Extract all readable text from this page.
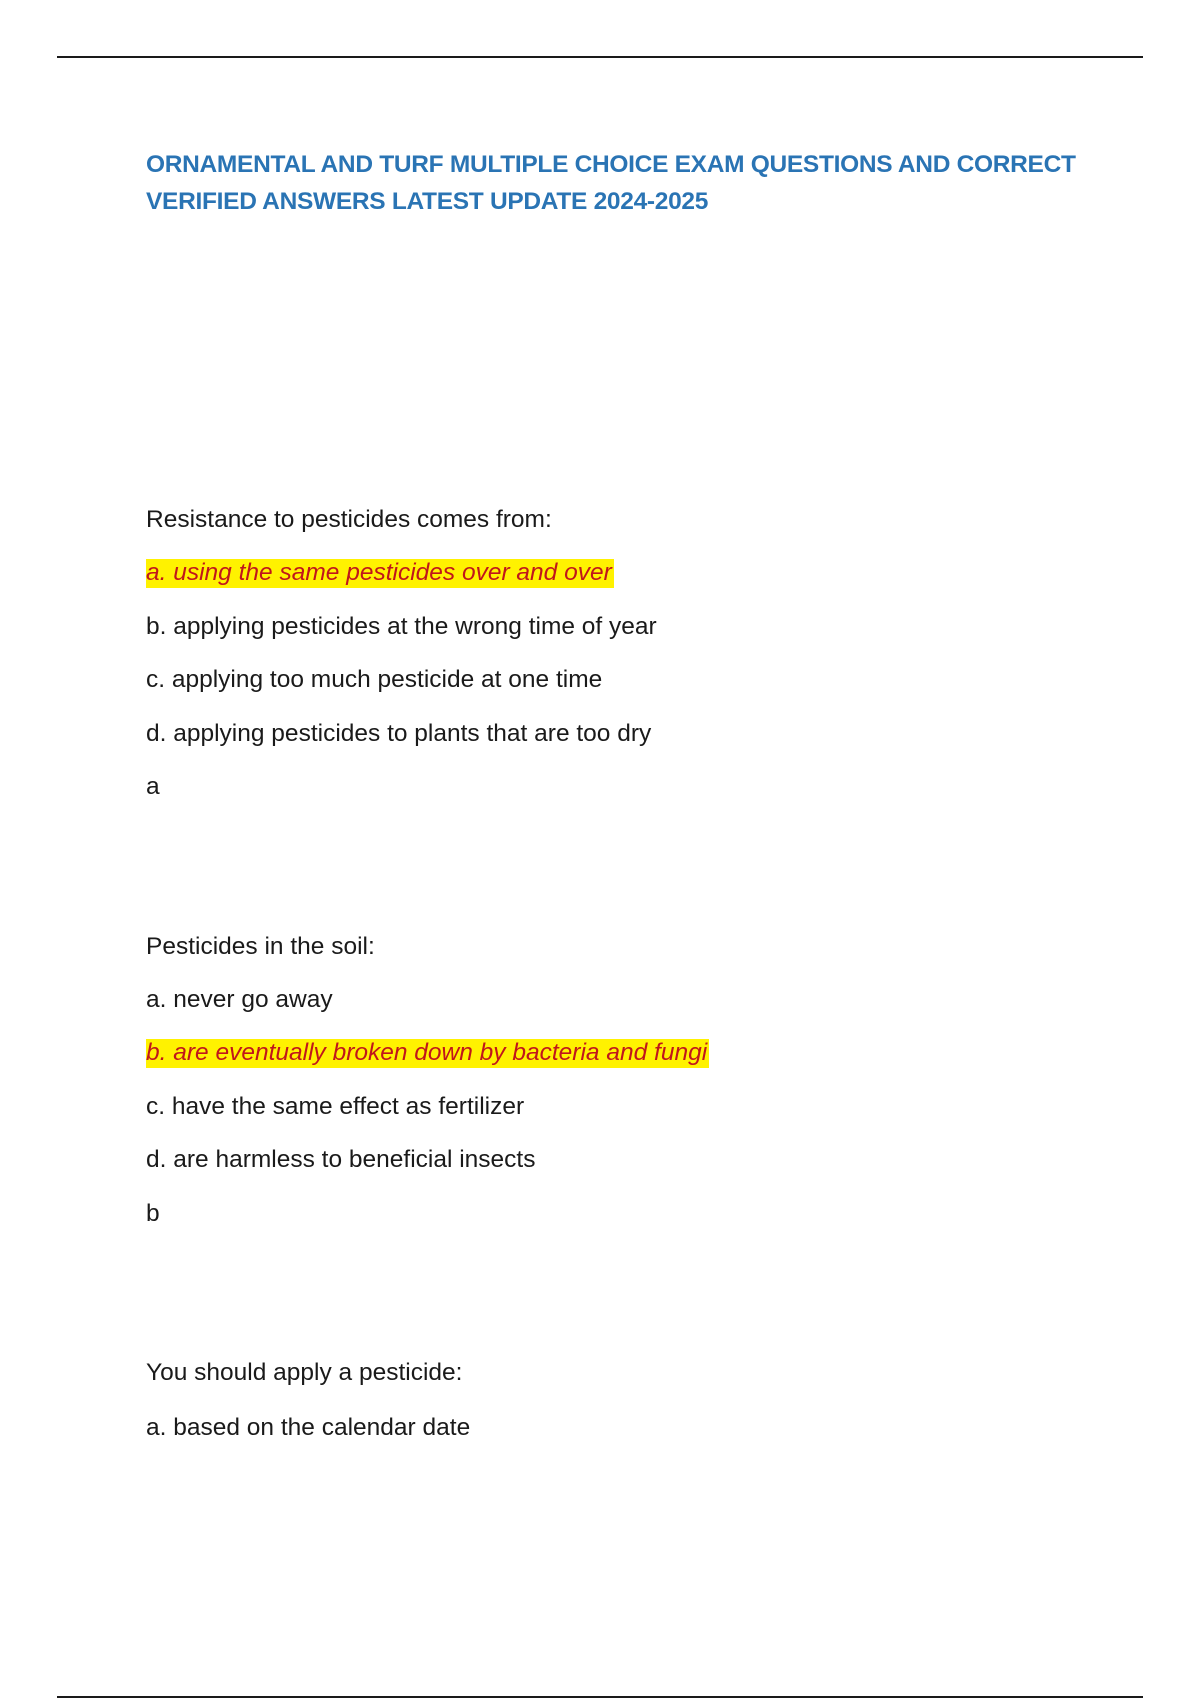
ORNAMENTAL AND TURF MULTIPLE CHOICE EXAM QUESTIONS AND CORRECT VERIFIED ANSWERS LATEST UPDATE 2024-2025
Resistance to pesticides comes from:
a. using the same pesticides over and over
b. applying pesticides at the wrong time of year
c. applying too much pesticide at one time
d. applying pesticides to plants that are too dry
a
Pesticides in the soil:
a. never go away
b. are eventually broken down by bacteria and fungi
c. have the same effect as fertilizer
d. are harmless to beneficial insects
b
You should apply a pesticide:
a. based on the calendar date
